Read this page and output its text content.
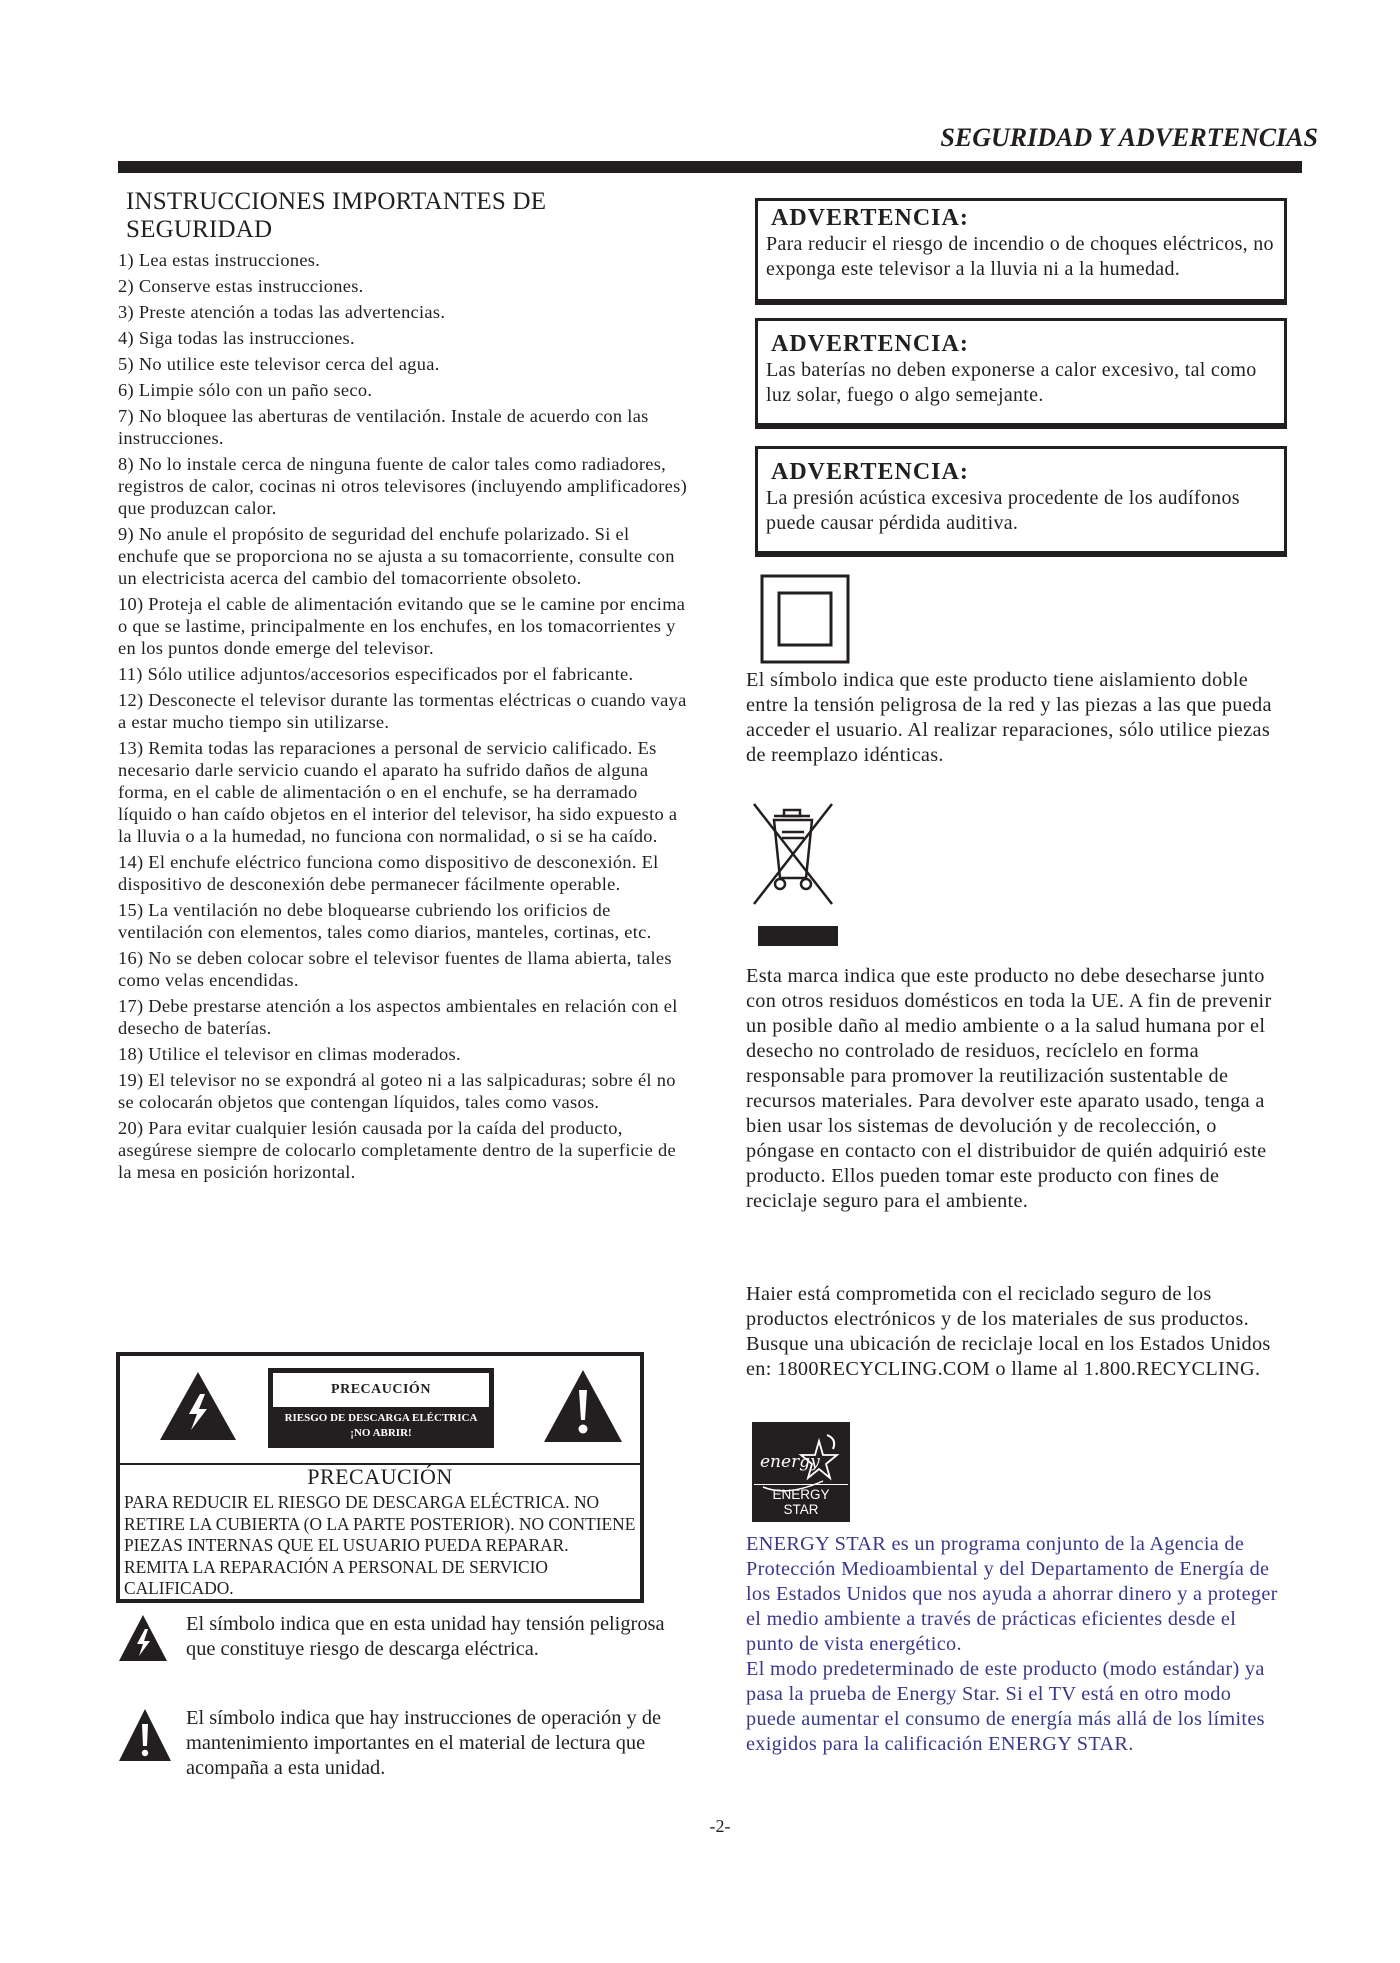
SEGURIDAD Y ADVERTENCIAS
INSTRUCCIONES IMPORTANTES DE SEGURIDAD
1) Lea estas instrucciones.
2) Conserve estas instrucciones.
3) Preste atención a todas las advertencias.
4) Siga todas las instrucciones.
5) No utilice este televisor cerca del agua.
6) Limpie sólo con un paño seco.
7) No bloquee las aberturas de ventilación. Instale de acuerdo con las instrucciones.
8) No lo instale cerca de ninguna fuente de calor tales como radiadores, registros de calor, cocinas ni otros televisores (incluyendo amplificadores) que produzcan calor.
9) No anule el propósito de seguridad del enchufe polarizado. Si el enchufe que se proporciona no se ajusta a su tomacorriente, consulte con un electricista acerca del cambio del tomacorriente obsoleto.
10) Proteja el cable de alimentación evitando que se le camine por encima o que se lastime, principalmente en los enchufes, en los tomacorrientes y en los puntos donde emerge del televisor.
11) Sólo utilice adjuntos/accesorios especificados por el fabricante.
12) Desconecte el televisor durante las tormentas eléctricas o cuando vaya a estar mucho tiempo sin utilizarse.
13) Remita todas las reparaciones a personal de servicio calificado. Es necesario darle servicio cuando el aparato ha sufrido daños de alguna forma, en el cable de alimentación o en el enchufe, se ha derramado líquido o han caído objetos en el interior del televisor, ha sido expuesto a la lluvia o a la humedad, no funciona con normalidad, o si se ha caído.
14) El enchufe eléctrico funciona como dispositivo de desconexión. El dispositivo de desconexión debe permanecer fácilmente operable.
15) La ventilación no debe bloquearse cubriendo los orificios de ventilación con elementos, tales como diarios, manteles, cortinas, etc.
16) No se deben colocar sobre el televisor fuentes de llama abierta, tales como velas encendidas.
17) Debe prestarse atención a los aspectos ambientales en relación con el desecho de baterías.
18) Utilice el televisor en climas moderados.
19) El televisor no se expondrá al goteo ni a las salpicaduras; sobre él no se colocarán objetos que contengan líquidos, tales como vasos.
20) Para evitar cualquier lesión causada por la caída del producto, asegúrese siempre de colocarlo completamente dentro de la superficie de la mesa en posición horizontal.
PRECAUCIÓN
RIESGO DE DESCARGA ELÉCTRICA
¡NO ABRIR!
PRECAUCIÓN
PARA REDUCIR EL RIESGO DE DESCARGA ELÉCTRICA. NO RETIRE LA CUBIERTA (O LA PARTE POSTERIOR). NO CONTIENE PIEZAS INTERNAS QUE EL USUARIO PUEDA REPARAR. REMITA LA REPARACIÓN A PERSONAL DE SERVICIO CALIFICADO.
El símbolo indica que en esta unidad hay tensión peligrosa que constituye riesgo de descarga eléctrica.
El símbolo indica que hay instrucciones de operación y de mantenimiento importantes en el material de lectura que acompaña a esta unidad.
ADVERTENCIA:
Para reducir el riesgo de incendio o de choques eléctricos, no exponga este televisor a la lluvia ni a la humedad.
ADVERTENCIA:
Las baterías no deben exponerse a calor excesivo, tal como luz solar, fuego o algo semejante.
ADVERTENCIA:
La presión acústica excesiva procedente de los audífonos puede causar pérdida auditiva.
El símbolo indica que este producto tiene aislamiento doble entre la tensión peligrosa de la red y las piezas a las que pueda acceder el usuario. Al realizar reparaciones, sólo utilice piezas de reemplazo idénticas.
Esta marca indica que este producto no debe desecharse junto con otros residuos domésticos en toda la UE. A fin de prevenir un posible daño al medio ambiente o a la salud humana por el desecho no controlado de residuos, recíclelo en forma responsable para promover la reutilización sustentable de recursos materiales. Para devolver este aparato usado, tenga a bien usar los sistemas de devolución y de recolección, o póngase en contacto con el distribuidor de quién adquirió este producto. Ellos pueden tomar este producto con fines de reciclaje seguro para el ambiente.
Haier está comprometida con el reciclado seguro de los productos electrónicos y de los materiales de sus productos. Busque una ubicación de reciclaje local en los Estados Unidos en: 1800RECYCLING.COM o llame al 1.800.RECYCLING.
energy
ENERGY STAR
ENERGY STAR es un programa conjunto de la Agencia de Protección Medioambiental y del Departamento de Energía de los Estados Unidos que nos ayuda a ahorrar dinero y a proteger el medio ambiente a través de prácticas eficientes desde el punto de vista energético.
El modo predeterminado de este producto (modo estándar) ya pasa la prueba de Energy Star. Si el TV está en otro modo puede aumentar el consumo de energía más allá de los límites exigidos para la calificación ENERGY STAR.
-2-
